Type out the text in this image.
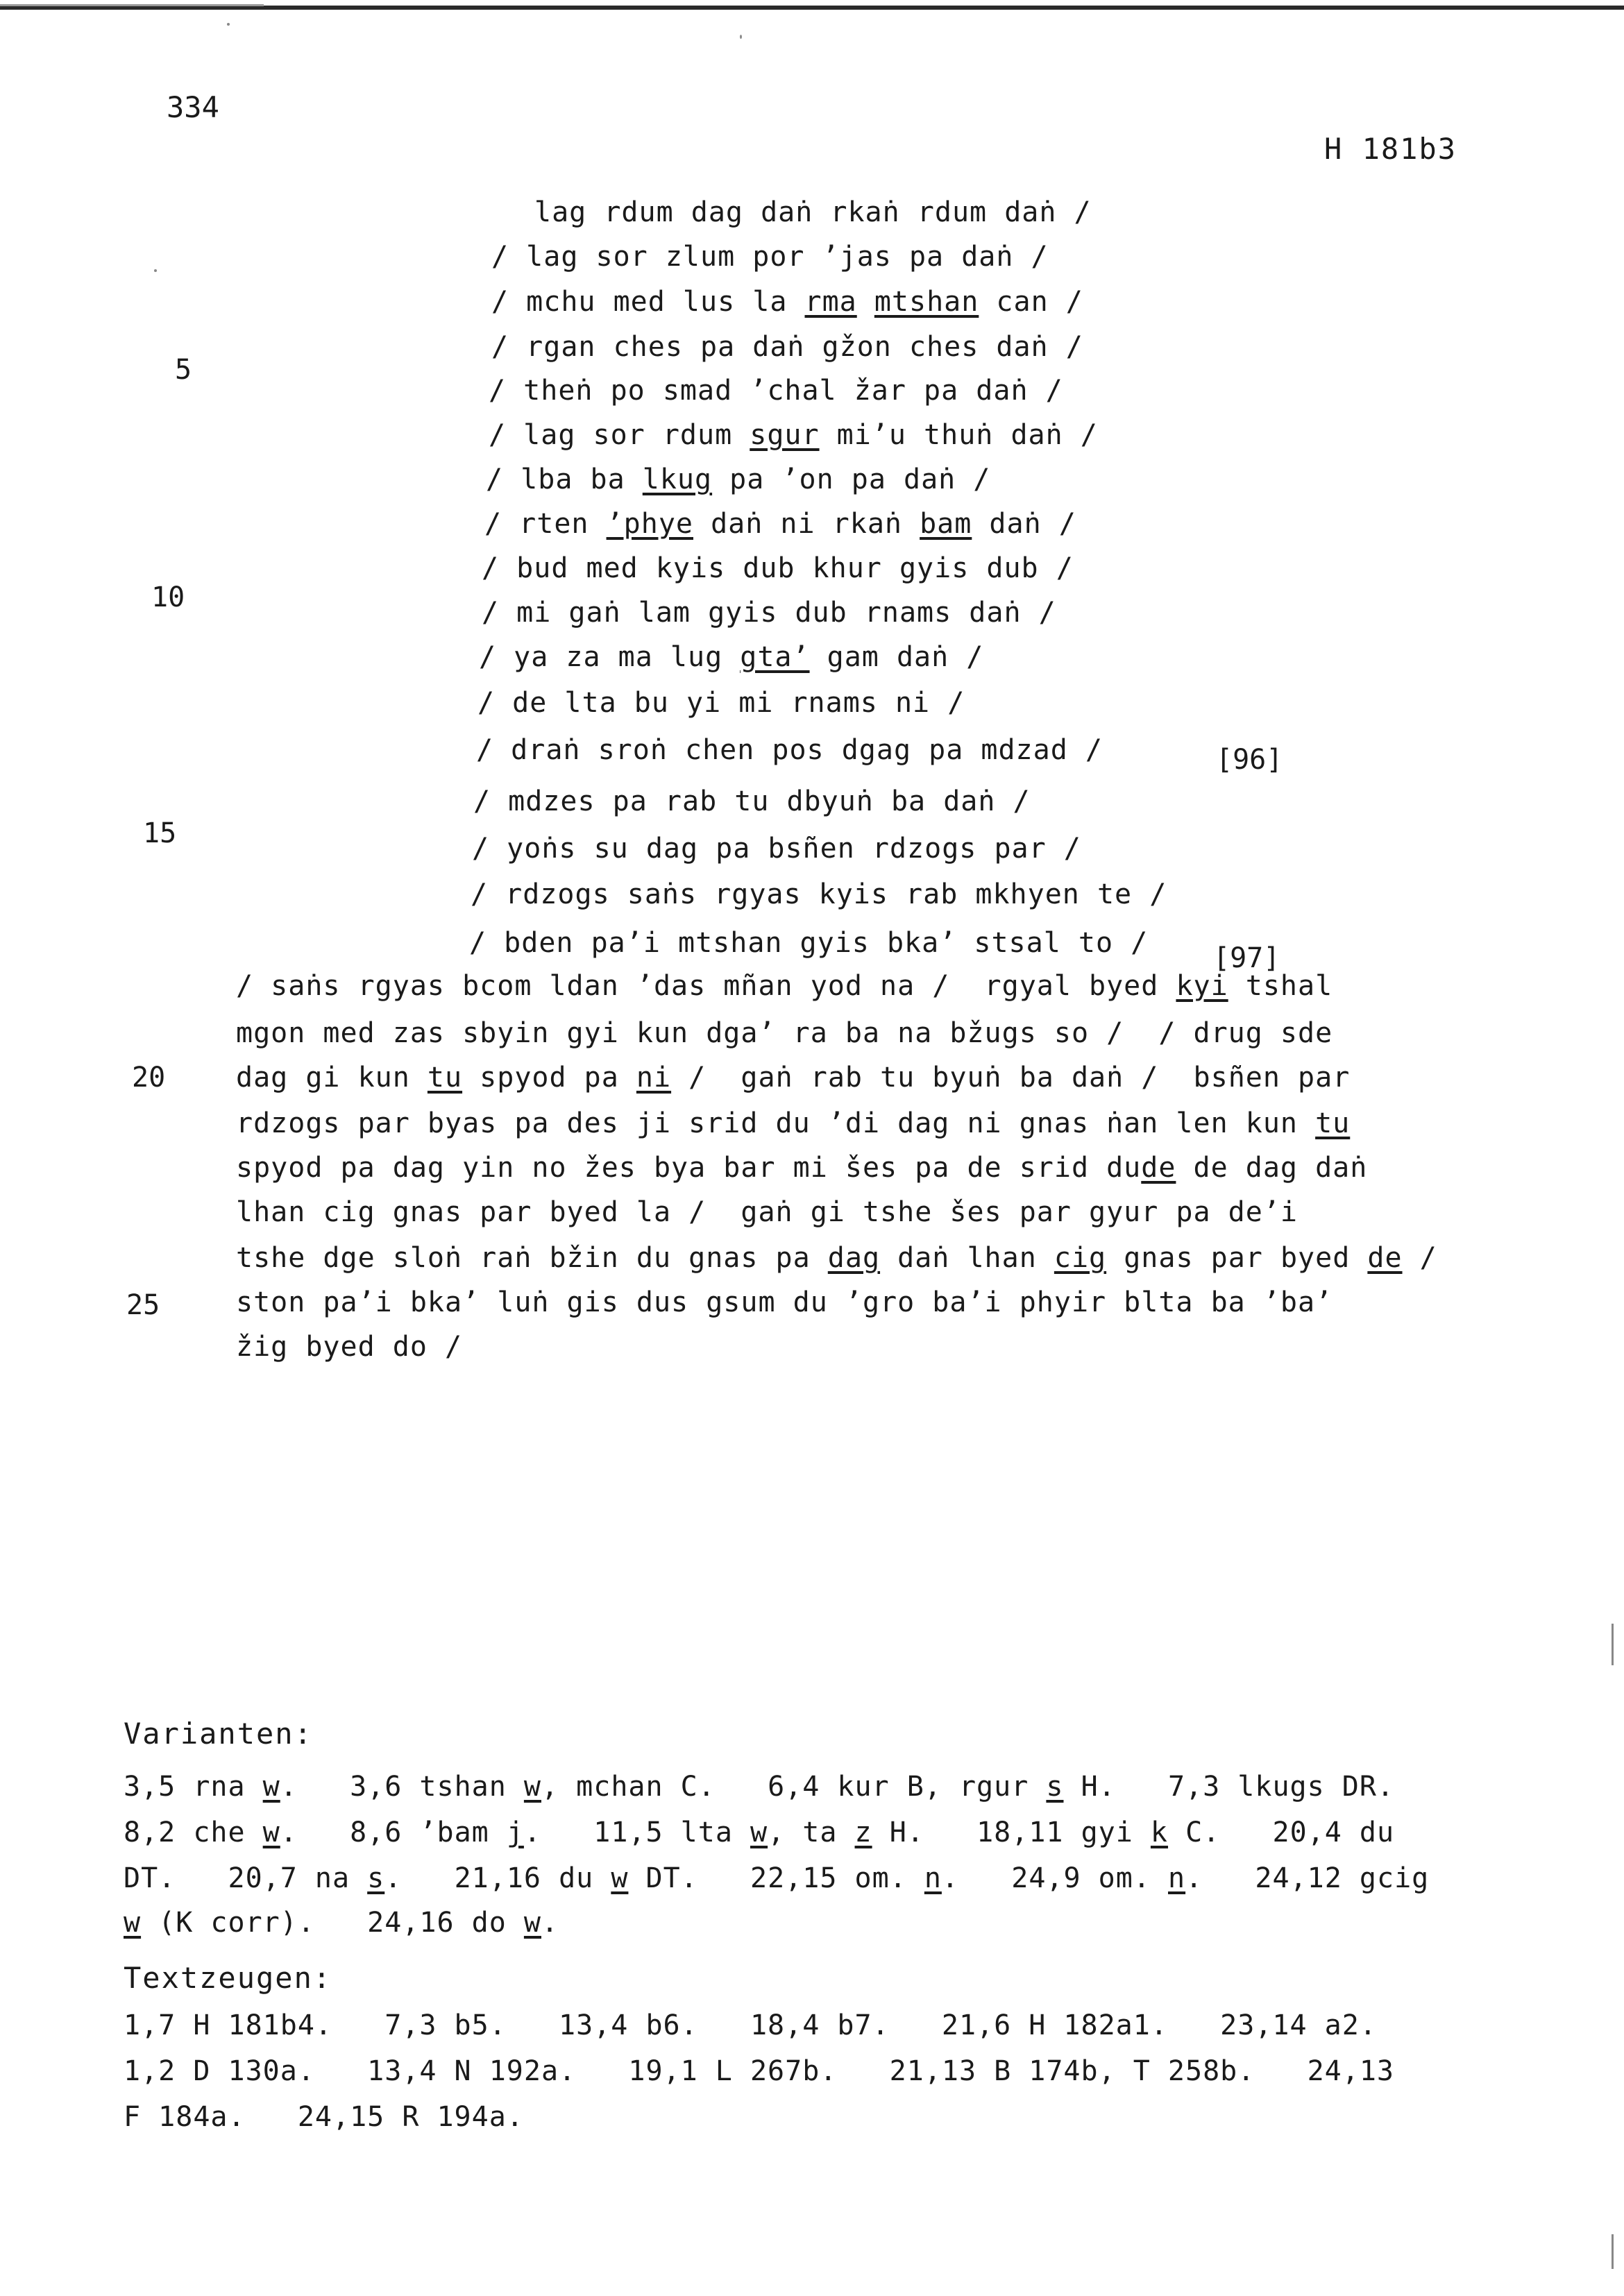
334
H 181b3
5
10
15
20
25
lag rdum dag daṅ rkaṅ rdum daṅ /
/ lag sor zlum por ’jas pa daṅ /
/ mchu med lus la rma mtshan can /
/ rgan ches pa daṅ gžon ches daṅ /
/ theṅ po smad ’chal žar pa daṅ /
/ lag sor rdum sgur mi’u thuṅ daṅ /
/ lba ba lkug pa ’on pa daṅ /
/ rten ’phye daṅ ni rkaṅ bam daṅ /
/ bud med kyis dub khur gyis dub /
/ mi gaṅ lam gyis dub rnams daṅ /
/ ya za ma lug gta’ gam daṅ /
/ de lta bu yi mi rnams ni /
/ draṅ sroṅ chen pos dgag pa mdzad /
/ mdzes pa rab tu dbyuṅ ba daṅ /
/ yoṅs su dag pa bsñen rdzogs par /
/ rdzogs saṅs rgyas kyis rab mkhyen te /
/ bden pa’i mtshan gyis bka’ stsal to /
[96]
[97]
/ saṅs rgyas bcom ldan ’das mñan yod na /  rgyal byed kyi tshal
mgon med zas sbyin gyi kun dga’ ra ba na bžugs so /  / drug sde
dag gi kun tu spyod pa ni /  gaṅ rab tu byuṅ ba daṅ /  bsñen par
rdzogs par byas pa des ji srid du ’di dag ni gnas ṅan len kun tu
spyod pa dag yin no žes bya bar mi šes pa de srid dude de dag daṅ
lhan cig gnas par byed la /  gaṅ gi tshe šes par gyur pa de’i
tshe dge sloṅ raṅ bžin du gnas pa dag daṅ lhan cig gnas par byed de /
ston pa’i bka’ luṅ gis dus gsum du ’gro ba’i phyir blta ba ’ba’
žig byed do /
Varianten:
3,5 rna w.   3,6 tshan w, mchan C.   6,4 kur B, rgur s H.   7,3 lkugs DR.
8,2 che w.   8,6 ’bam j.   11,5 lta w, ta z H.   18,11 gyi k C.   20,4 du
DT.   20,7 na s.   21,16 du w DT.   22,15 om. n.   24,9 om. n.   24,12 gcig
w (K corr).   24,16 do w.
Textzeugen:
1,7 H 181b4.   7,3 b5.   13,4 b6.   18,4 b7.   21,6 H 182a1.   23,14 a2.
1,2 D 130a.   13,4 N 192a.   19,1 L 267b.   21,13 B 174b, T 258b.   24,13
F 184a.   24,15 R 194a.
